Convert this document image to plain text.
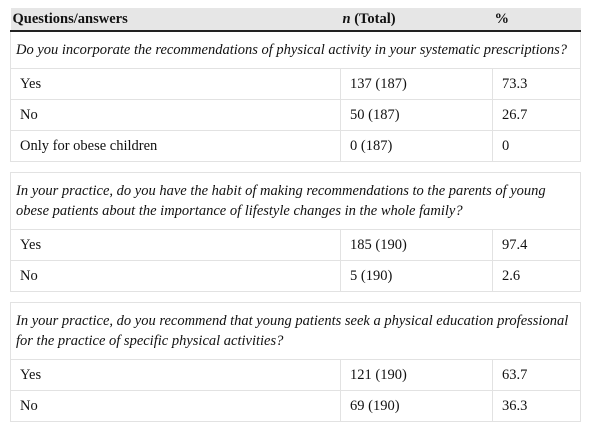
Questions/answers	n (Total)	%
Do you incorporate the recommendations of physical activity in your systematic prescriptions?		
Yes	137 (187)	73.3
No	50 (187)	26.7
Only for obese children	0 (187)	0

In your practice, do you have the habit of making recommendations to the parents of young obese patients about the importance of lifestyle changes in the whole family?		
Yes	185 (190)	97.4
No	5 (190)	2.6

In your practice, do you recommend that young patients seek a physical education professional for the practice of specific physical activities?		
Yes	121 (190)	63.7
No	69 (190)	36.3
